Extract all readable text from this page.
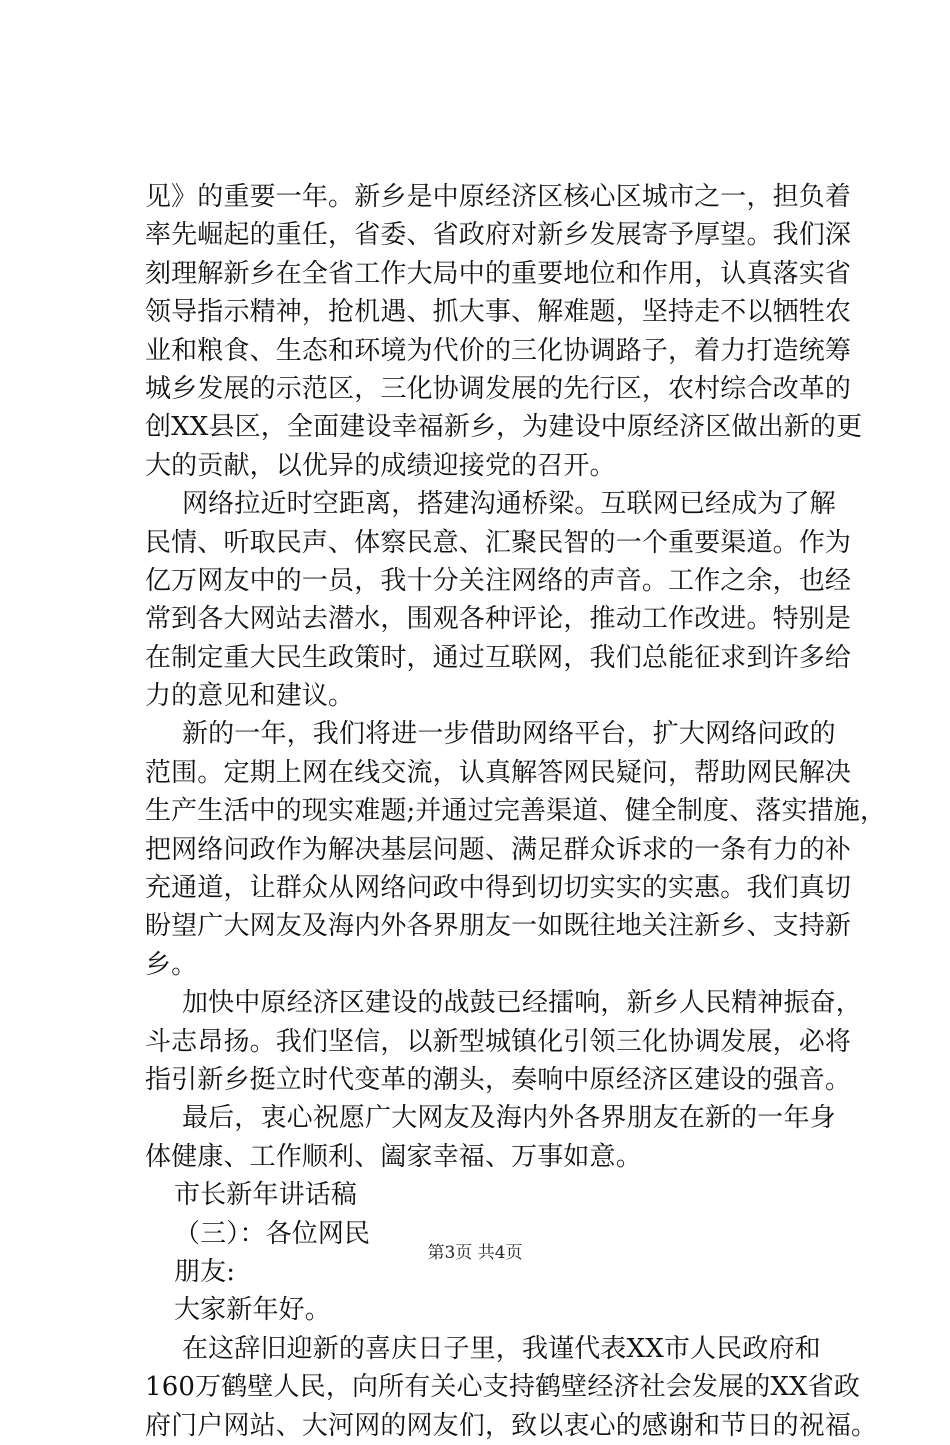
见》的重要一年。新乡是中原经济区核心区城市之一，担负着
率先崛起的重任，省委、省政府对新乡发展寄予厚望。我们深
刻理解新乡在全省工作大局中的重要地位和作用，认真落实省
领导指示精神，抢机遇、抓大事、解难题，坚持走不以牺牲农
业和粮食、生态和环境为代价的三化协调路子，着力打造统筹
城乡发展的示范区，三化协调发展的先行区，农村综合改革的
创XX县区，全面建设幸福新乡，为建设中原经济区做出新的更
大的贡献，以优异的成绩迎接党的召开。
网络拉近时空距离，搭建沟通桥梁。互联网已经成为了解
民情、听取民声、体察民意、汇聚民智的一个重要渠道。作为
亿万网友中的一员，我十分关注网络的声音。工作之余，也经
常到各大网站去潜水，围观各种评论，推动工作改进。特别是
在制定重大民生政策时，通过互联网，我们总能征求到许多给
力的意见和建议。
新的一年，我们将进一步借助网络平台，扩大网络问政的
范围。定期上网在线交流，认真解答网民疑问，帮助网民解决
生产生活中的现实难题;并通过完善渠道、健全制度、落实措施，
把网络问政作为解决基层问题、满足群众诉求的一条有力的补
充通道，让群众从网络问政中得到切切实实的实惠。我们真切
盼望广大网友及海内外各界朋友一如既往地关注新乡、支持新
乡。
加快中原经济区建设的战鼓已经擂响，新乡人民精神振奋，
斗志昂扬。我们坚信，以新型城镇化引领三化协调发展，必将
指引新乡挺立时代变革的潮头，奏响中原经济区建设的强音。
最后，衷心祝愿广大网友及海内外各界朋友在新的一年身
体健康、工作顺利、阖家幸福、万事如意。
市长新年讲话稿
（三）：各位网民
朋友:
大家新年好。
在这辞旧迎新的喜庆日子里，我谨代表XX市人民政府和
160万鹤壁人民，向所有关心支持鹤壁经济社会发展的XX省政
府门户网站、大河网的网友们，致以衷心的感谢和节日的祝福。
第3页 共4页
